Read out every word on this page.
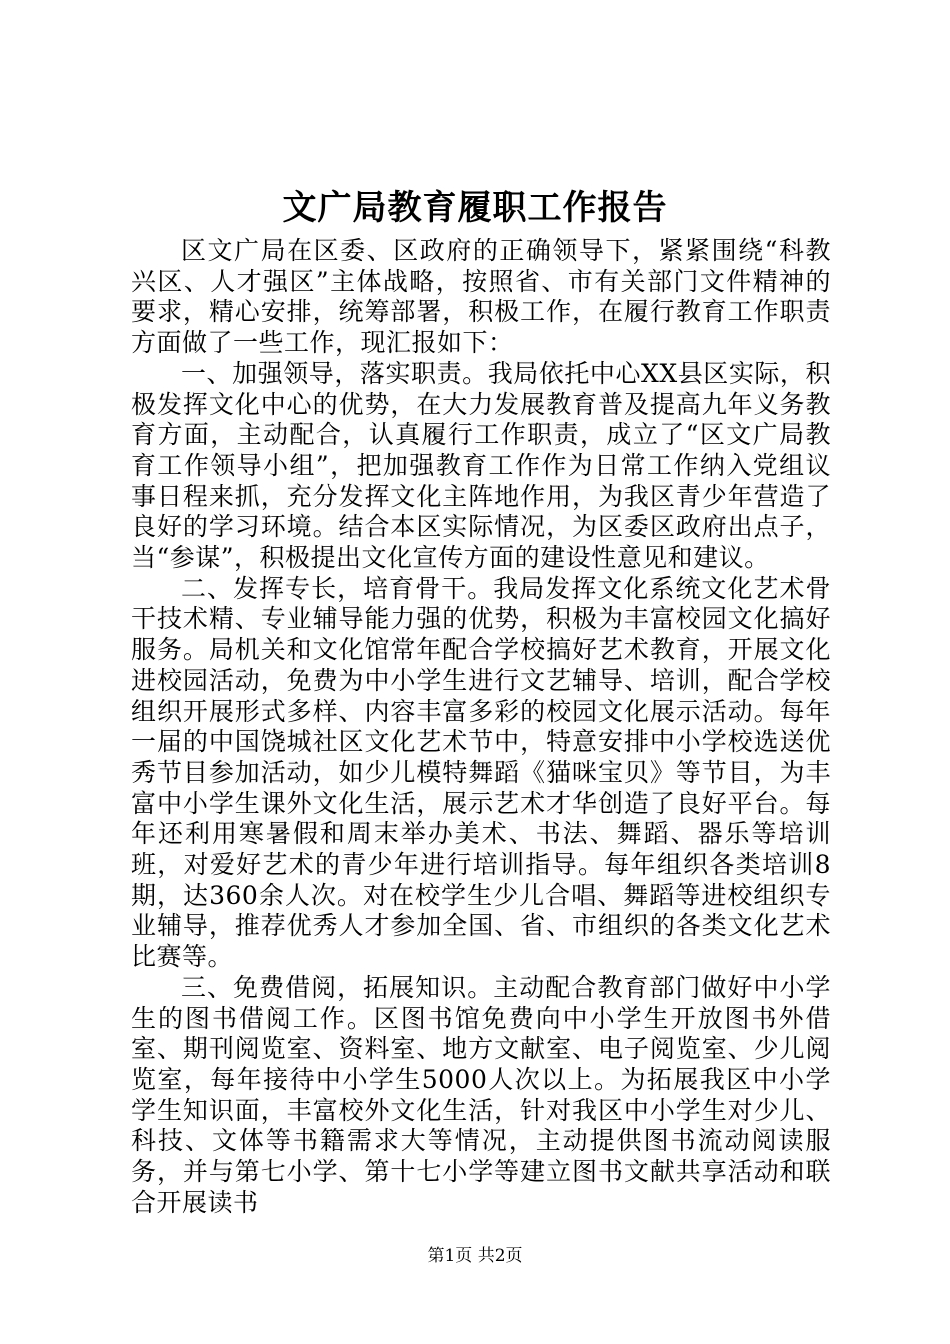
文广局教育履职工作报告

区文广局在区委、区政府的正确领导下，紧紧围绕“科教兴区、人才强区”主体战略，按照省、市有关部门文件精神的要求，精心安排，统筹部署，积极工作，在履行教育工作职责方面做了一些工作，现汇报如下：

一、加强领导，落实职责。我局依托中心XX县区实际，积极发挥文化中心的优势，在大力发展教育普及提高九年义务教育方面，主动配合，认真履行工作职责，成立了“区文广局教育工作领导小组”，把加强教育工作作为日常工作纳入党组议事日程来抓，充分发挥文化主阵地作用，为我区青少年营造了良好的学习环境。结合本区实际情况，为区委区政府出点子，当“参谋”，积极提出文化宣传方面的建设性意见和建议。

二、发挥专长，培育骨干。我局发挥文化系统文化艺术骨干技术精、专业辅导能力强的优势，积极为丰富校园文化搞好服务。局机关和文化馆常年配合学校搞好艺术教育，开展文化进校园活动，免费为中小学生进行文艺辅导、培训，配合学校组织开展形式多样、内容丰富多彩的校园文化展示活动。每年一届的中国饶城社区文化艺术节中，特意安排中小学校选送优秀节目参加活动，如少儿模特舞蹈《猫咪宝贝》等节目，为丰富中小学生课外文化生活，展示艺术才华创造了良好平台。每年还利用寒暑假和周末举办美术、书法、舞蹈、器乐等培训班，对爱好艺术的青少年进行培训指导。每年组织各类培训8期，达360余人次。对在校学生少儿合唱、舞蹈等进校组织专业辅导，推荐优秀人才参加全国、省、市组织的各类文化艺术比赛等。

三、免费借阅，拓展知识。主动配合教育部门做好中小学生的图书借阅工作。区图书馆免费向中小学生开放图书外借室、期刊阅览室、资料室、地方文献室、电子阅览室、少儿阅览室，每年接待中小学生5000人次以上。为拓展我区中小学学生知识面，丰富校外文化生活，针对我区中小学生对少儿、科技、文体等书籍需求大等情况，主动提供图书流动阅读服务，并与第七小学、第十七小学等建立图书文献共享活动和联合开展读书

第1页 共2页
